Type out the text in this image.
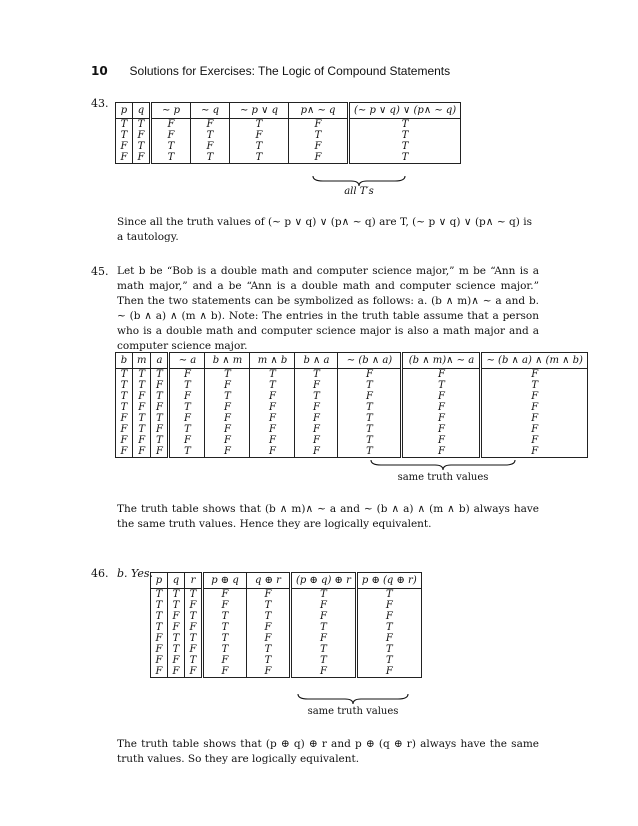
10 Solutions for Exercises: The Logic of Compound Statements
43.
p	q	∼ p	∼ q	∼ p ∨ q	p∧ ∼ q	(∼ p ∨ q) ∨ (p∧ ∼ q)
T	T	F	F	T	F	T
T	F	F	T	F	T	T
F	T	T	F	T	F	T
F	F	T	T	T	F	T
all T′s
Since all the truth values of (∼ p ∨ q) ∨ (p∧ ∼ q) are T, (∼ p ∨ q) ∨ (p∧ ∼ q) is a tautology.
45. Let b be “Bob is a double math and computer science major,” m be “Ann is a math major,” and a be “Ann is a double math and computer science major.” Then the two statements can be symbolized as follows: a. (b ∧ m)∧ ∼ a and b. ∼ (b ∧ a) ∧ (m ∧ b). Note: The entries in the truth table assume that a person who is a double math and computer science major is also a math major and a computer science major.
b	m	a	∼ a	b ∧ m	m ∧ b	b ∧ a	∼ (b ∧ a)	(b ∧ m)∧ ∼ a	∼ (b ∧ a) ∧ (m ∧ b)
T	T	T	F	T	T	T	F	F	F
T	T	F	T	F	T	F	T	T	T
T	F	T	F	T	F	T	F	F	F
T	F	F	T	F	F	F	T	F	F
F	T	T	F	F	F	F	T	F	F
F	T	F	T	F	F	F	T	F	F
F	F	T	F	F	F	F	T	F	F
F	F	F	T	F	F	F	T	F	F
same truth values
The truth table shows that (b ∧ m)∧ ∼ a and ∼ (b ∧ a) ∧ (m ∧ b) always have the same truth values. Hence they are logically equivalent.
46. b. Yes.
p	q	r	p ⊕ q	q ⊕ r	(p ⊕ q) ⊕ r	p ⊕ (q ⊕ r)
T	T	T	F	F	T	T
T	T	F	F	T	F	F
T	F	T	T	T	F	F
T	F	F	T	F	T	T
F	T	T	T	F	F	F
F	T	F	T	T	T	T
F	F	T	F	T	T	T
F	F	F	F	F	F	F
same truth values
The truth table shows that (p ⊕ q) ⊕ r and p ⊕ (q ⊕ r) always have the same truth values. So they are logically equivalent.
